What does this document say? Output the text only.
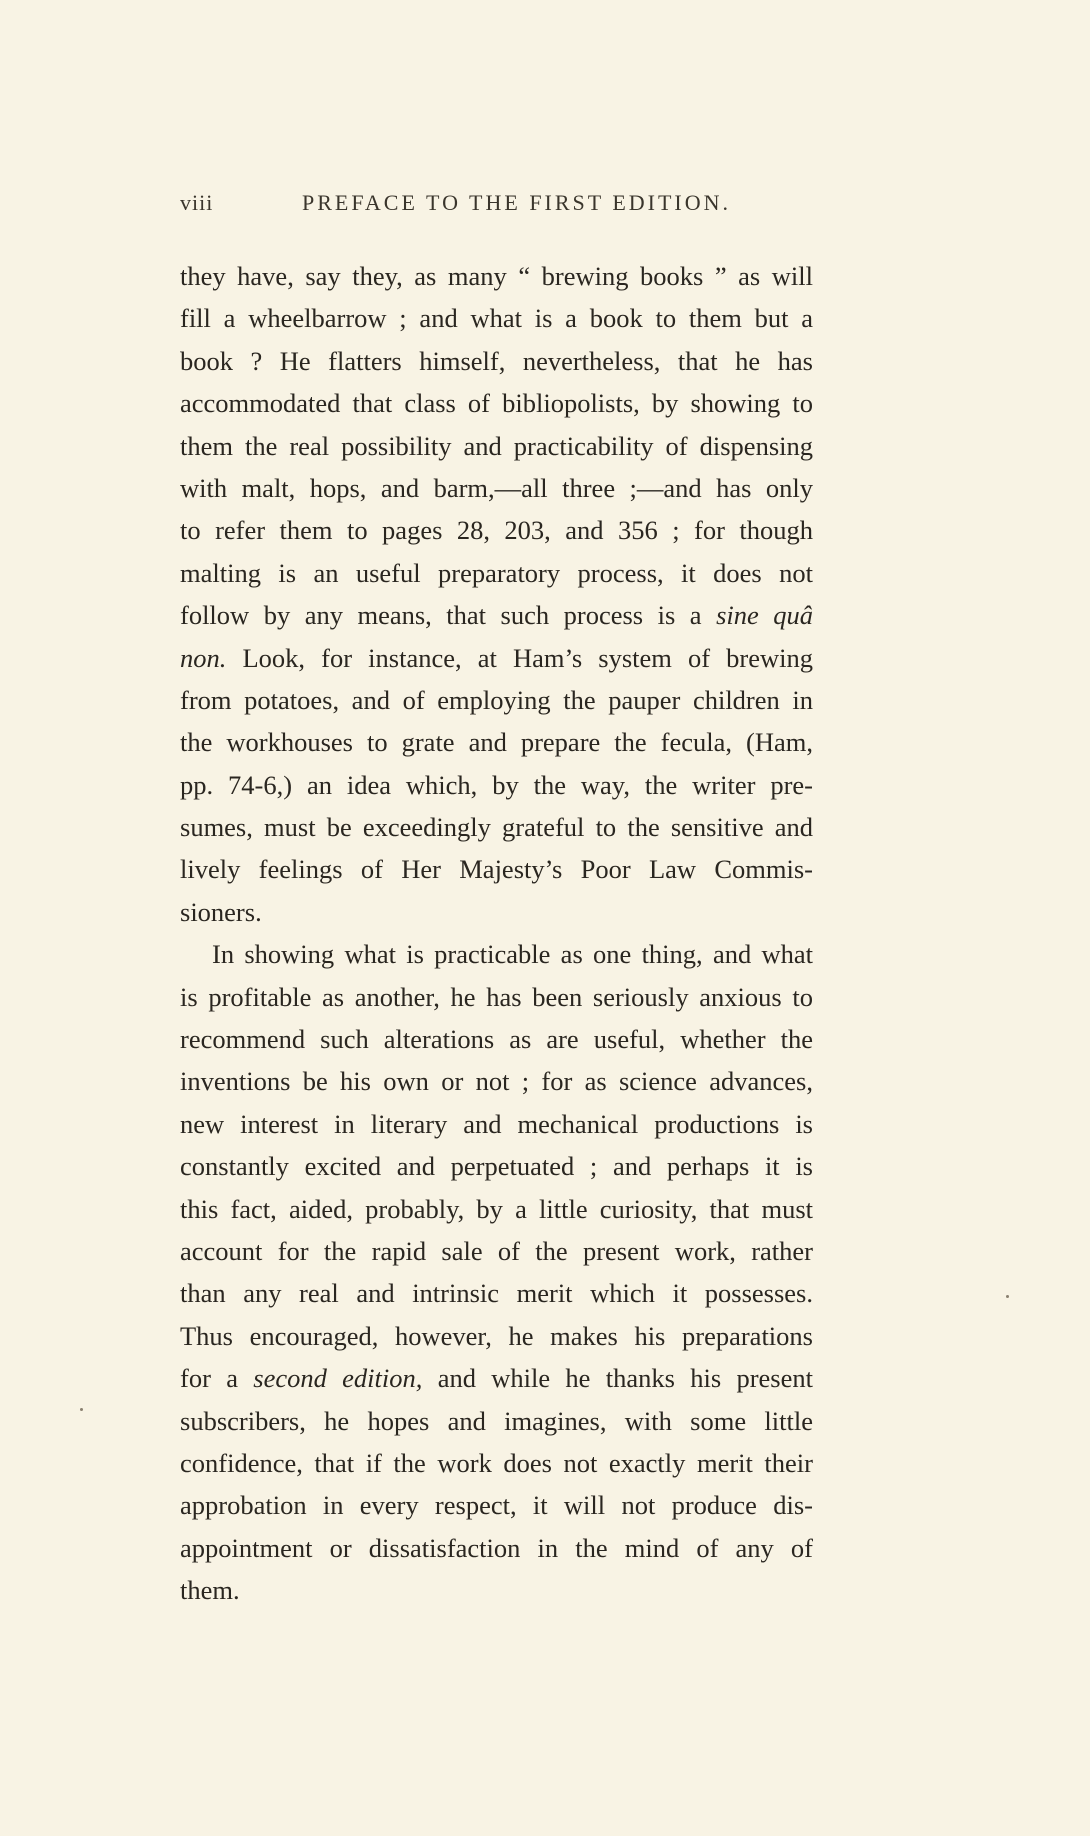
viii	PREFACE TO THE FIRST EDITION.
they have, say they, as many “ brewing books ” as will
fill a wheelbarrow ; and what is a book to them but a
book ? He flatters himself, nevertheless, that he has
accommodated that class of bibliopolists, by showing to
them the real possibility and practicability of dispensing
with malt, hops, and barm,—all three ;—and has only
to refer them to pages 28, 203, and 356 ; for though
malting is an useful preparatory process, it does not
follow by any means, that such process is a sine quâ
non. Look, for instance, at Ham’s system of brewing
from potatoes, and of employing the pauper children in
the workhouses to grate and prepare the fecula, (Ham,
pp. 74-6,) an idea which, by the way, the writer pre-
sumes, must be exceedingly grateful to the sensitive and
lively feelings of Her Majesty’s Poor Law Commis-
sioners.
In showing what is practicable as one thing, and what
is profitable as another, he has been seriously anxious to
recommend such alterations as are useful, whether the
inventions be his own or not ; for as science advances,
new interest in literary and mechanical productions is
constantly excited and perpetuated ; and perhaps it is
this fact, aided, probably, by a little curiosity, that must
account for the rapid sale of the present work, rather
than any real and intrinsic merit which it possesses.
Thus encouraged, however, he makes his preparations
for a second edition, and while he thanks his present
subscribers, he hopes and imagines, with some little
confidence, that if the work does not exactly merit their
approbation in every respect, it will not produce dis-
appointment or dissatisfaction in the mind of any of
them.
